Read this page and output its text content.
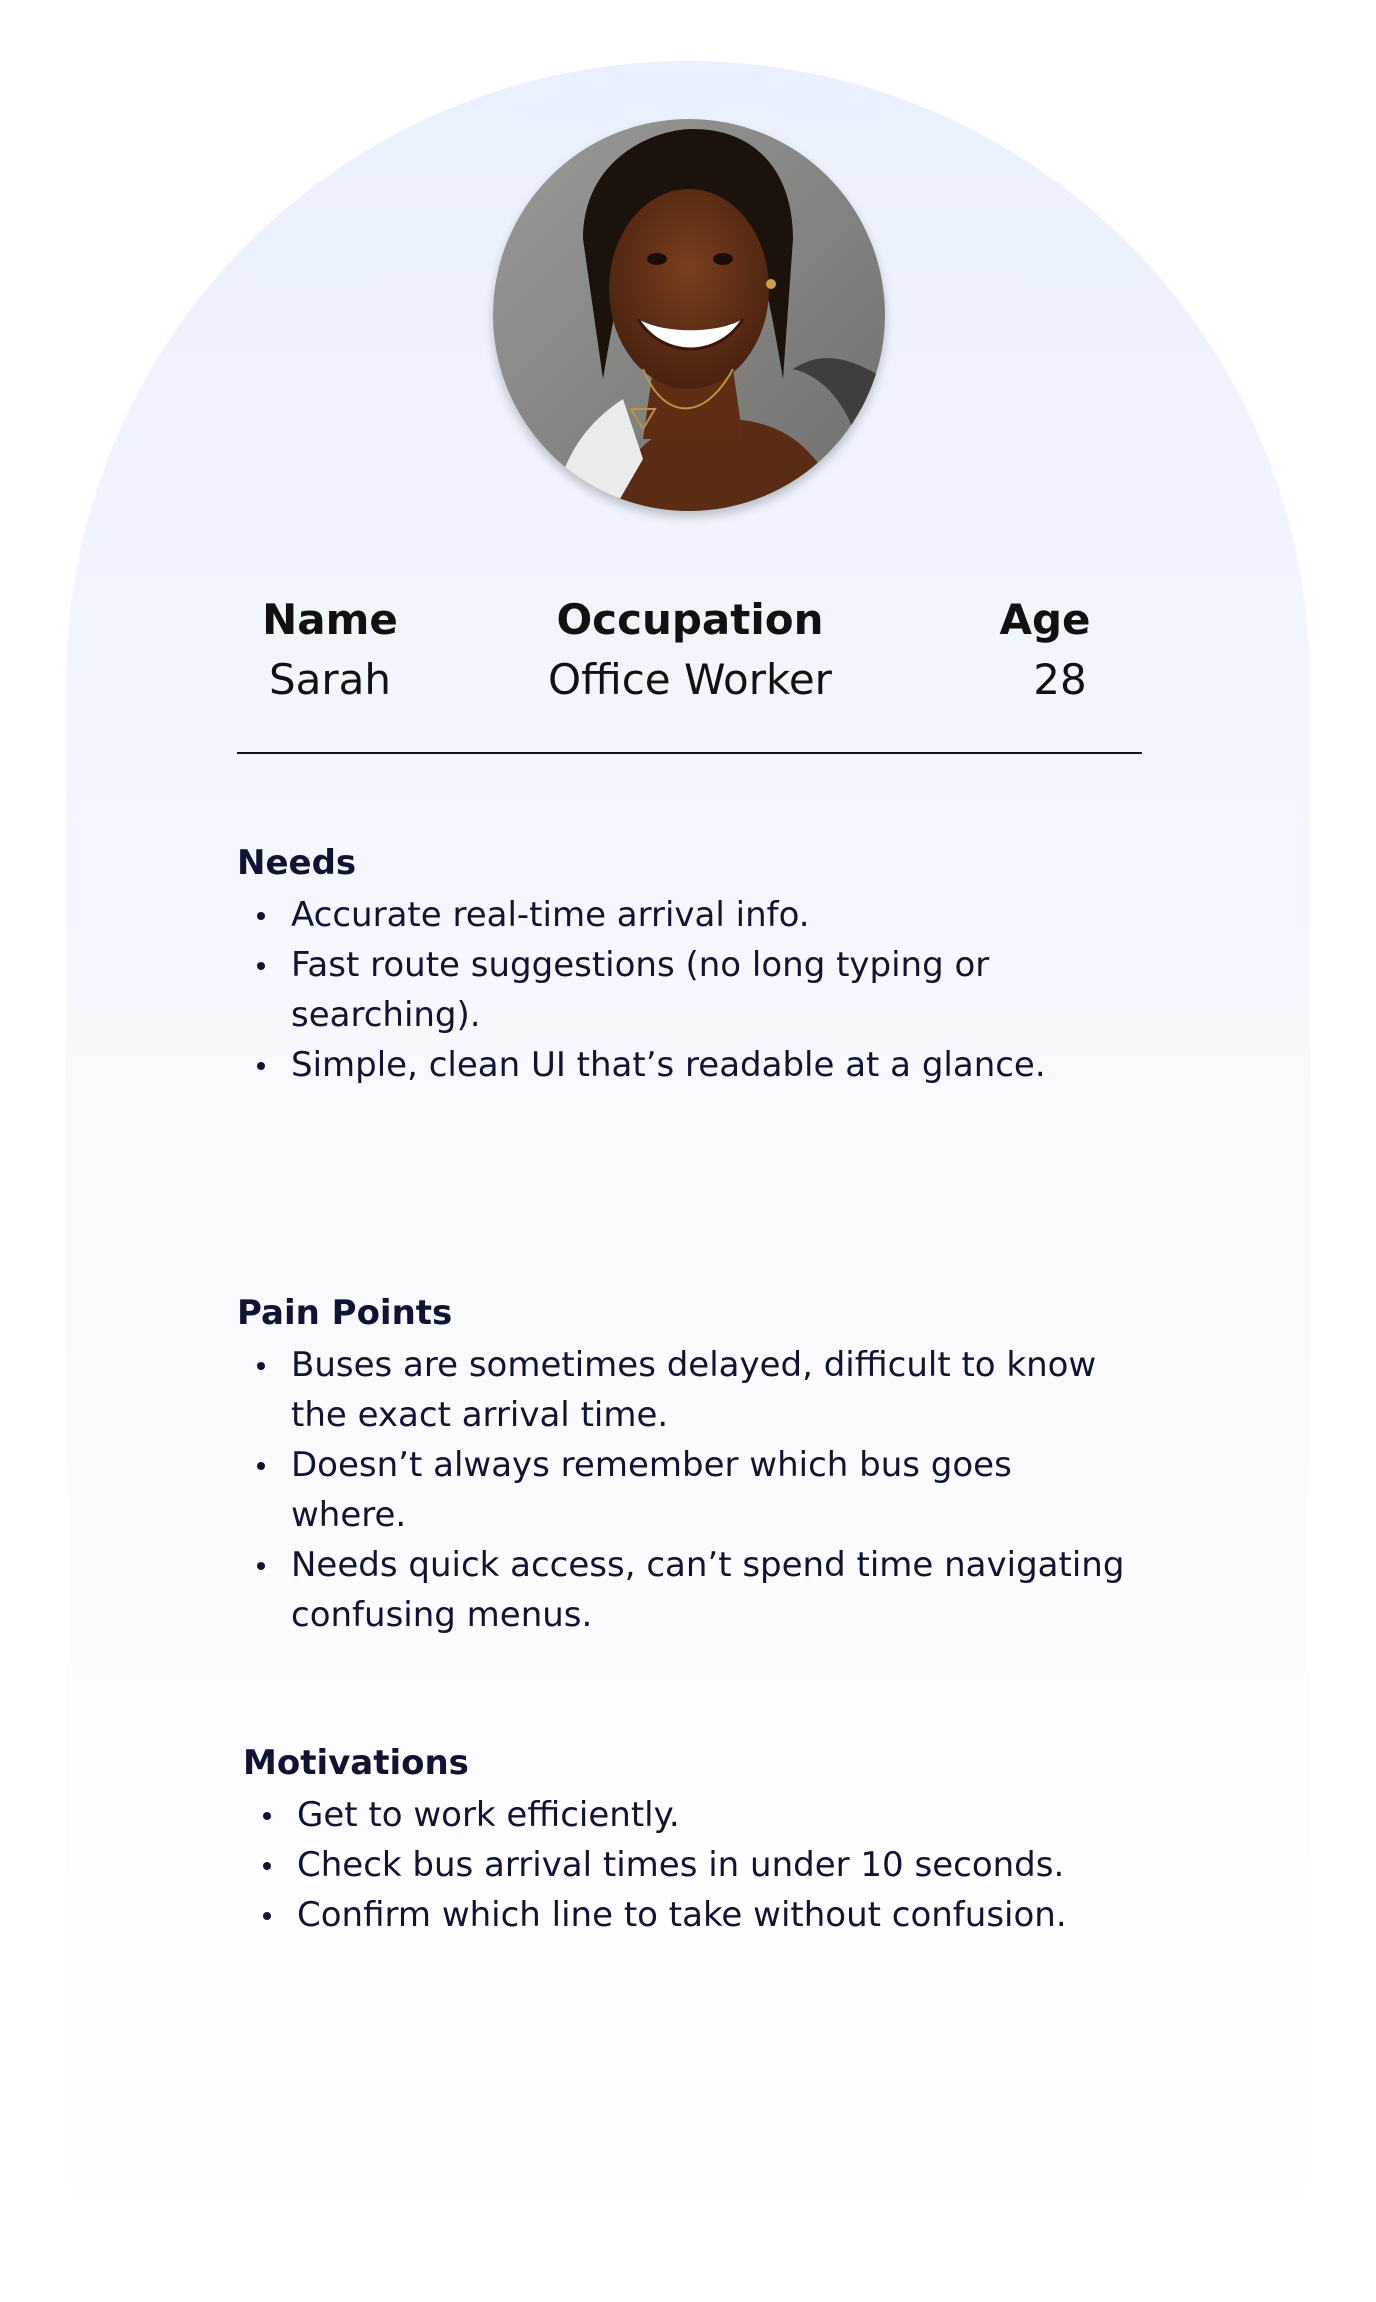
Name
Sarah
Occupation
Office Worker
Age
28
Needs
Accurate real-time arrival info.
Fast route suggestions (no long typing or searching).
Simple, clean UI that’s readable at a glance.
Pain Points
Buses are sometimes delayed, difficult to know the exact arrival time.
Doesn’t always remember which bus goes where.
Needs quick access, can’t spend time navigating confusing menus.
Motivations
Get to work efficiently.
Check bus arrival times in under 10 seconds.
Confirm which line to take without confusion.
